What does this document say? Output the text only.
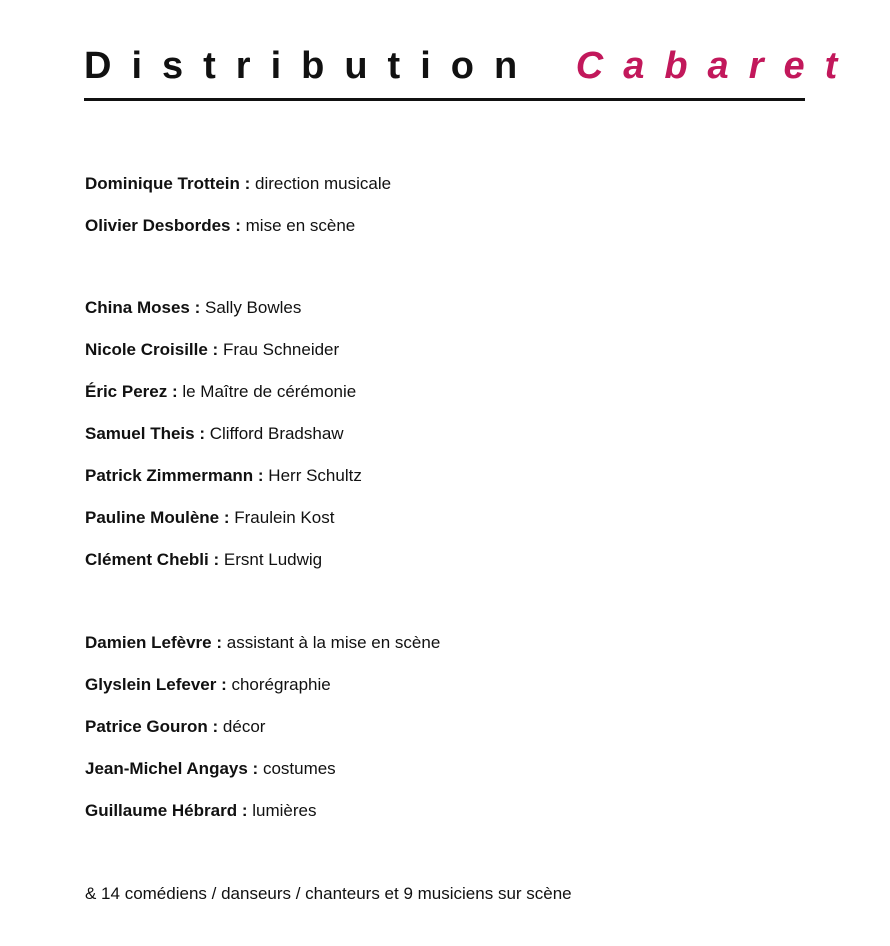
Distribution Cabaret
Dominique Trottein : direction musicale
Olivier Desbordes : mise en scène
China Moses : Sally Bowles
Nicole Croisille : Frau Schneider
Éric Perez : le Maître de cérémonie
Samuel Theis : Clifford Bradshaw
Patrick Zimmermann : Herr Schultz
Pauline Moulène : Fraulein Kost
Clément Chebli : Ersnt Ludwig
Damien Lefèvre : assistant à la mise en scène
Glyslein Lefever : chorégraphie
Patrice Gouron : décor
Jean-Michel Angays : costumes
Guillaume Hébrard : lumières

& 14 comédiens / danseurs / chanteurs et 9 musiciens sur scène
